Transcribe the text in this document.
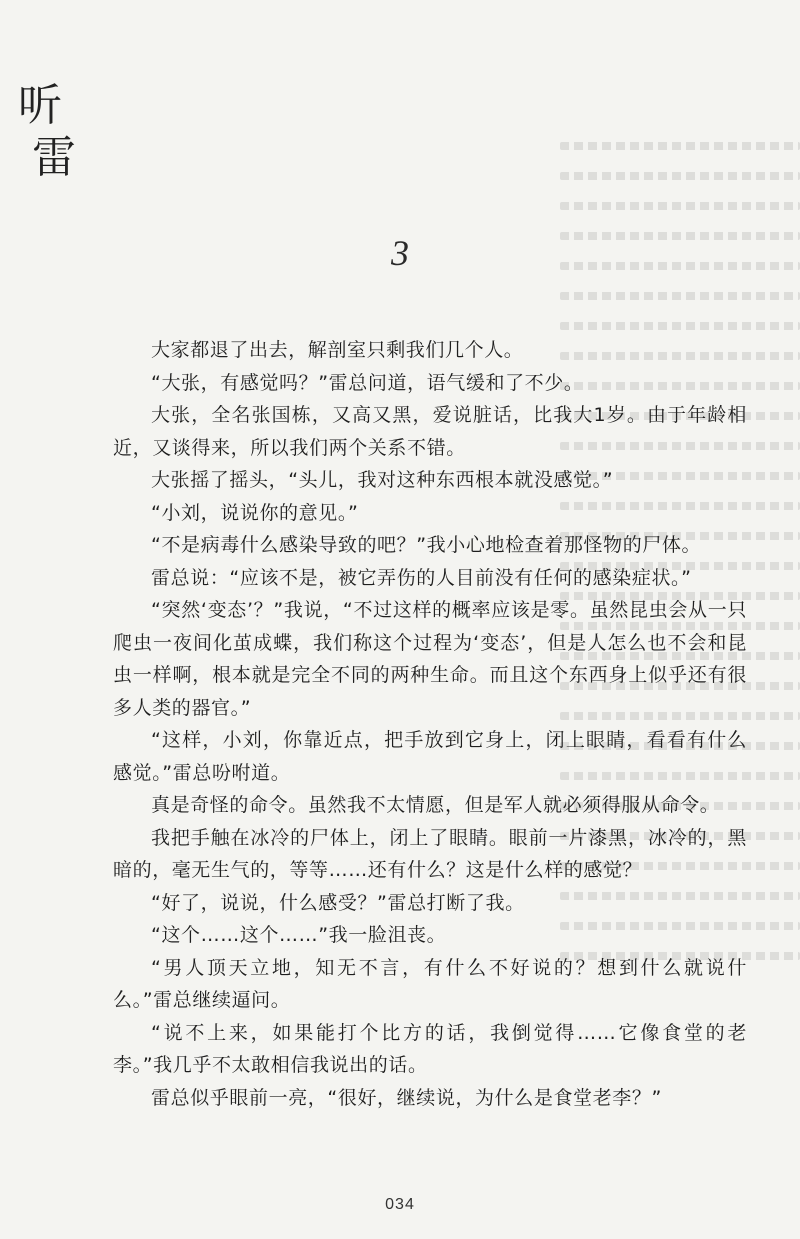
听
雷
3

大家都退了出去，解剖室只剩我们几个人。

“大张，有感觉吗？”雷总问道，语气缓和了不少。

大张，全名张国栋，又高又黑，爱说脏话，比我大1岁。由于年龄相近，又谈得来，所以我们两个关系不错。

大张摇了摇头，“头儿，我对这种东西根本就没感觉。”

“小刘，说说你的意见。”

“不是病毒什么感染导致的吧？”我小心地检查着那怪物的尸体。

雷总说：“应该不是，被它弄伤的人目前没有任何的感染症状。”

“突然‘变态’？”我说，“不过这样的概率应该是零。虽然昆虫会从一只爬虫一夜间化茧成蝶，我们称这个过程为‘变态’，但是人怎么也不会和昆虫一样啊，根本就是完全不同的两种生命。而且这个东西身上似乎还有很多人类的器官。”

“这样，小刘，你靠近点，把手放到它身上，闭上眼睛，看看有什么感觉。”雷总吩咐道。

真是奇怪的命令。虽然我不太情愿，但是军人就必须得服从命令。

我把手触在冰冷的尸体上，闭上了眼睛。眼前一片漆黑，冰冷的，黑暗的，毫无生气的，等等……还有什么？这是什么样的感觉？

“好了，说说，什么感受？”雷总打断了我。

“这个……这个……”我一脸沮丧。

“男人顶天立地，知无不言，有什么不好说的？想到什么就说什么。”雷总继续逼问。

“说不上来，如果能打个比方的话，我倒觉得……它像食堂的老李。”我几乎不太敢相信我说出的话。

雷总似乎眼前一亮，“很好，继续说，为什么是食堂老李？”

034
